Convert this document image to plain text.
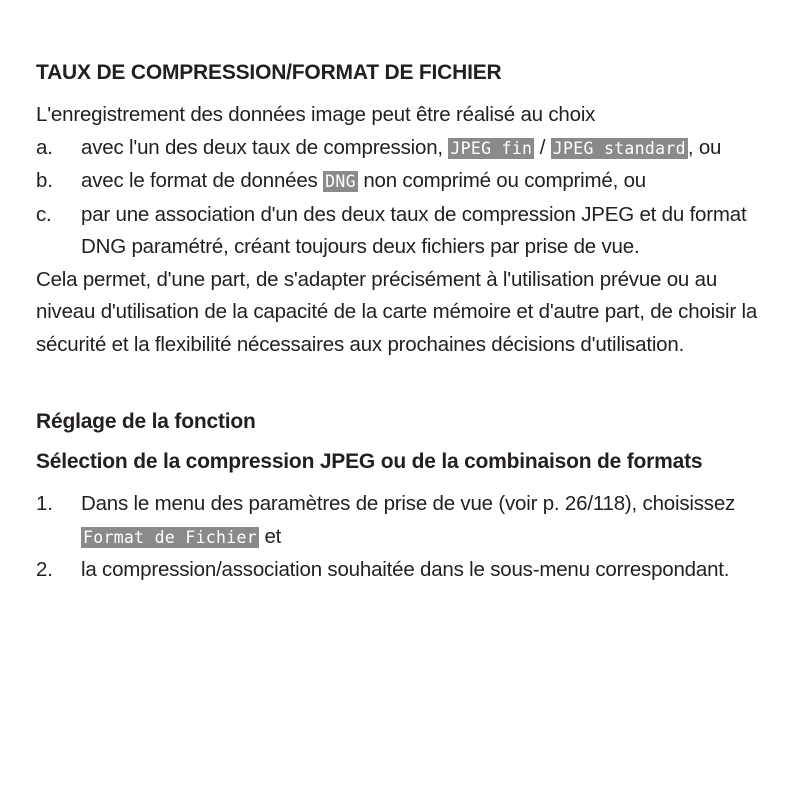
TAUX DE COMPRESSION/FORMAT DE FICHIER

L'enregistrement des données image peut être réalisé au choix

a. avec l'un des deux taux de compression, JPEG fin / JPEG standard, ou
b. avec le format de données DNG non comprimé ou comprimé, ou
c. par une association d'un des deux taux de compression JPEG et du format DNG paramétré, créant toujours deux fichiers par prise de vue.

Cela permet, d'une part, de s'adapter précisément à l'utilisation prévue ou au niveau d'utilisation de la capacité de la carte mémoire et d'autre part, de choisir la sécurité et la flexibilité nécessaires aux prochaines décisions d'utilisation.

Réglage de la fonction
Sélection de la compression JPEG ou de la combinaison de formats
1. Dans le menu des paramètres de prise de vue (voir p. 26/118), choisissez Format de Fichier et
2. la compression/association souhaitée dans le sous-menu correspondant.
